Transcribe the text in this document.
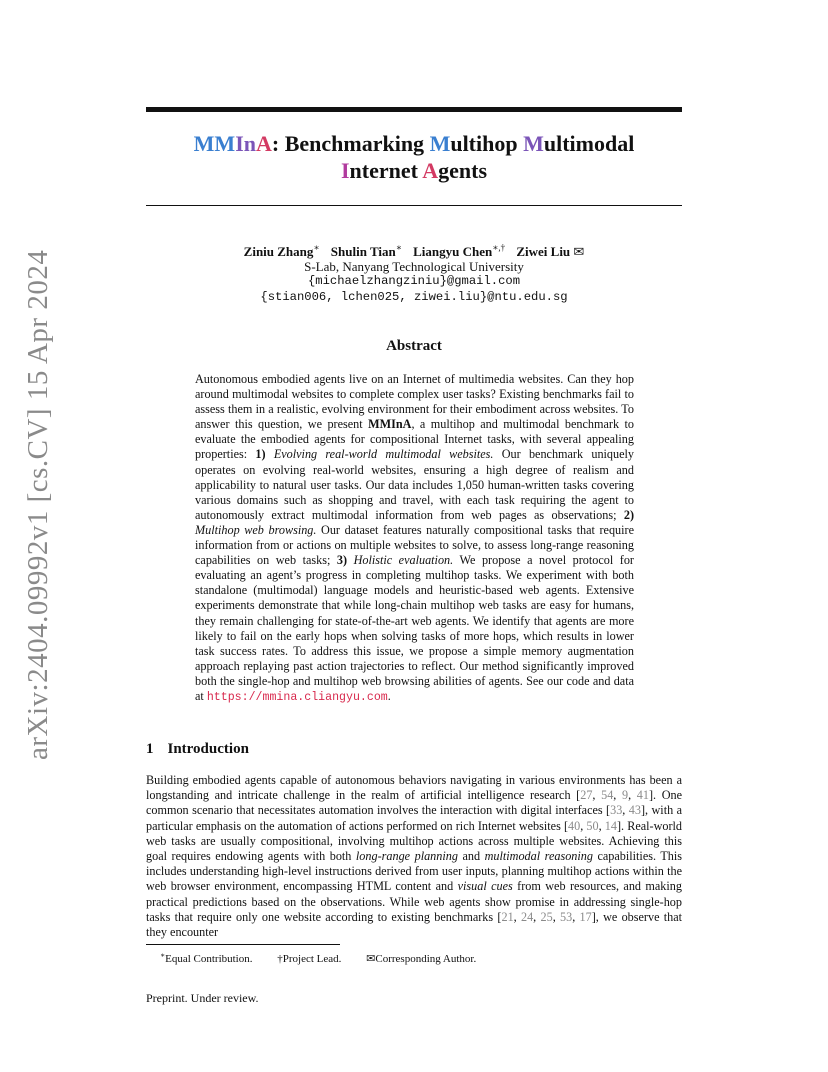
arXiv:2404.09992v1 [cs.CV] 15 Apr 2024
MMInA: Benchmarking Multihop Multimodal
Internet Agents
Ziniu Zhang∗ Shulin Tian∗ Liangyu Chen∗,† Ziwei Liu ✉
S-Lab, Nanyang Technological University
{michaelzhangziniu}@gmail.com
{stian006, lchen025, ziwei.liu}@ntu.edu.sg
Abstract
Autonomous embodied agents live on an Internet of multimedia websites. Can they hop around multimodal websites to complete complex user tasks? Existing benchmarks fail to assess them in a realistic, evolving environment for their embodiment across websites. To answer this question, we present MMInA, a multihop and multimodal benchmark to evaluate the embodied agents for compositional Internet tasks, with several appealing properties: 1) Evolving real-world multimodal websites. Our benchmark uniquely operates on evolving real-world websites, ensuring a high degree of realism and applicability to natural user tasks. Our data includes 1,050 human-written tasks covering various domains such as shopping and travel, with each task requiring the agent to autonomously extract multimodal information from web pages as observations; 2) Multihop web browsing. Our dataset features naturally compositional tasks that require information from or actions on multiple websites to solve, to assess long-range reasoning capabilities on web tasks; 3) Holistic evaluation. We propose a novel protocol for evaluating an agent’s progress in completing multihop tasks. We experiment with both standalone (multimodal) language models and heuristic-based web agents. Extensive experiments demonstrate that while long-chain multihop web tasks are easy for humans, they remain challenging for state-of-the-art web agents. We identify that agents are more likely to fail on the early hops when solving tasks of more hops, which results in lower task success rates. To address this issue, we propose a simple memory augmentation approach replaying past action trajectories to reflect. Our method significantly improved both the single-hop and multihop web browsing abilities of agents. See our code and data at https://mmina.cliangyu.com.
1 Introduction
Building embodied agents capable of autonomous behaviors navigating in various environments has been a longstanding and intricate challenge in the realm of artificial intelligence research [27, 54, 9, 41]. One common scenario that necessitates automation involves the interaction with digital interfaces [33, 43], with a particular emphasis on the automation of actions performed on rich Internet websites [40, 50, 14]. Real-world web tasks are usually compositional, involving multihop actions across multiple websites. Achieving this goal requires endowing agents with both long-range planning and multimodal reasoning capabilities. This includes understanding high-level instructions derived from user inputs, planning multihop actions within the web browser environment, encompassing HTML content and visual cues from web resources, and making practical predictions based on the observations. While web agents show promise in addressing single-hop tasks that require only one website according to existing benchmarks [21, 24, 25, 53, 17], we observe that they encounter
∗Equal Contribution. †Project Lead. ✉Corresponding Author.
Preprint. Under review.
